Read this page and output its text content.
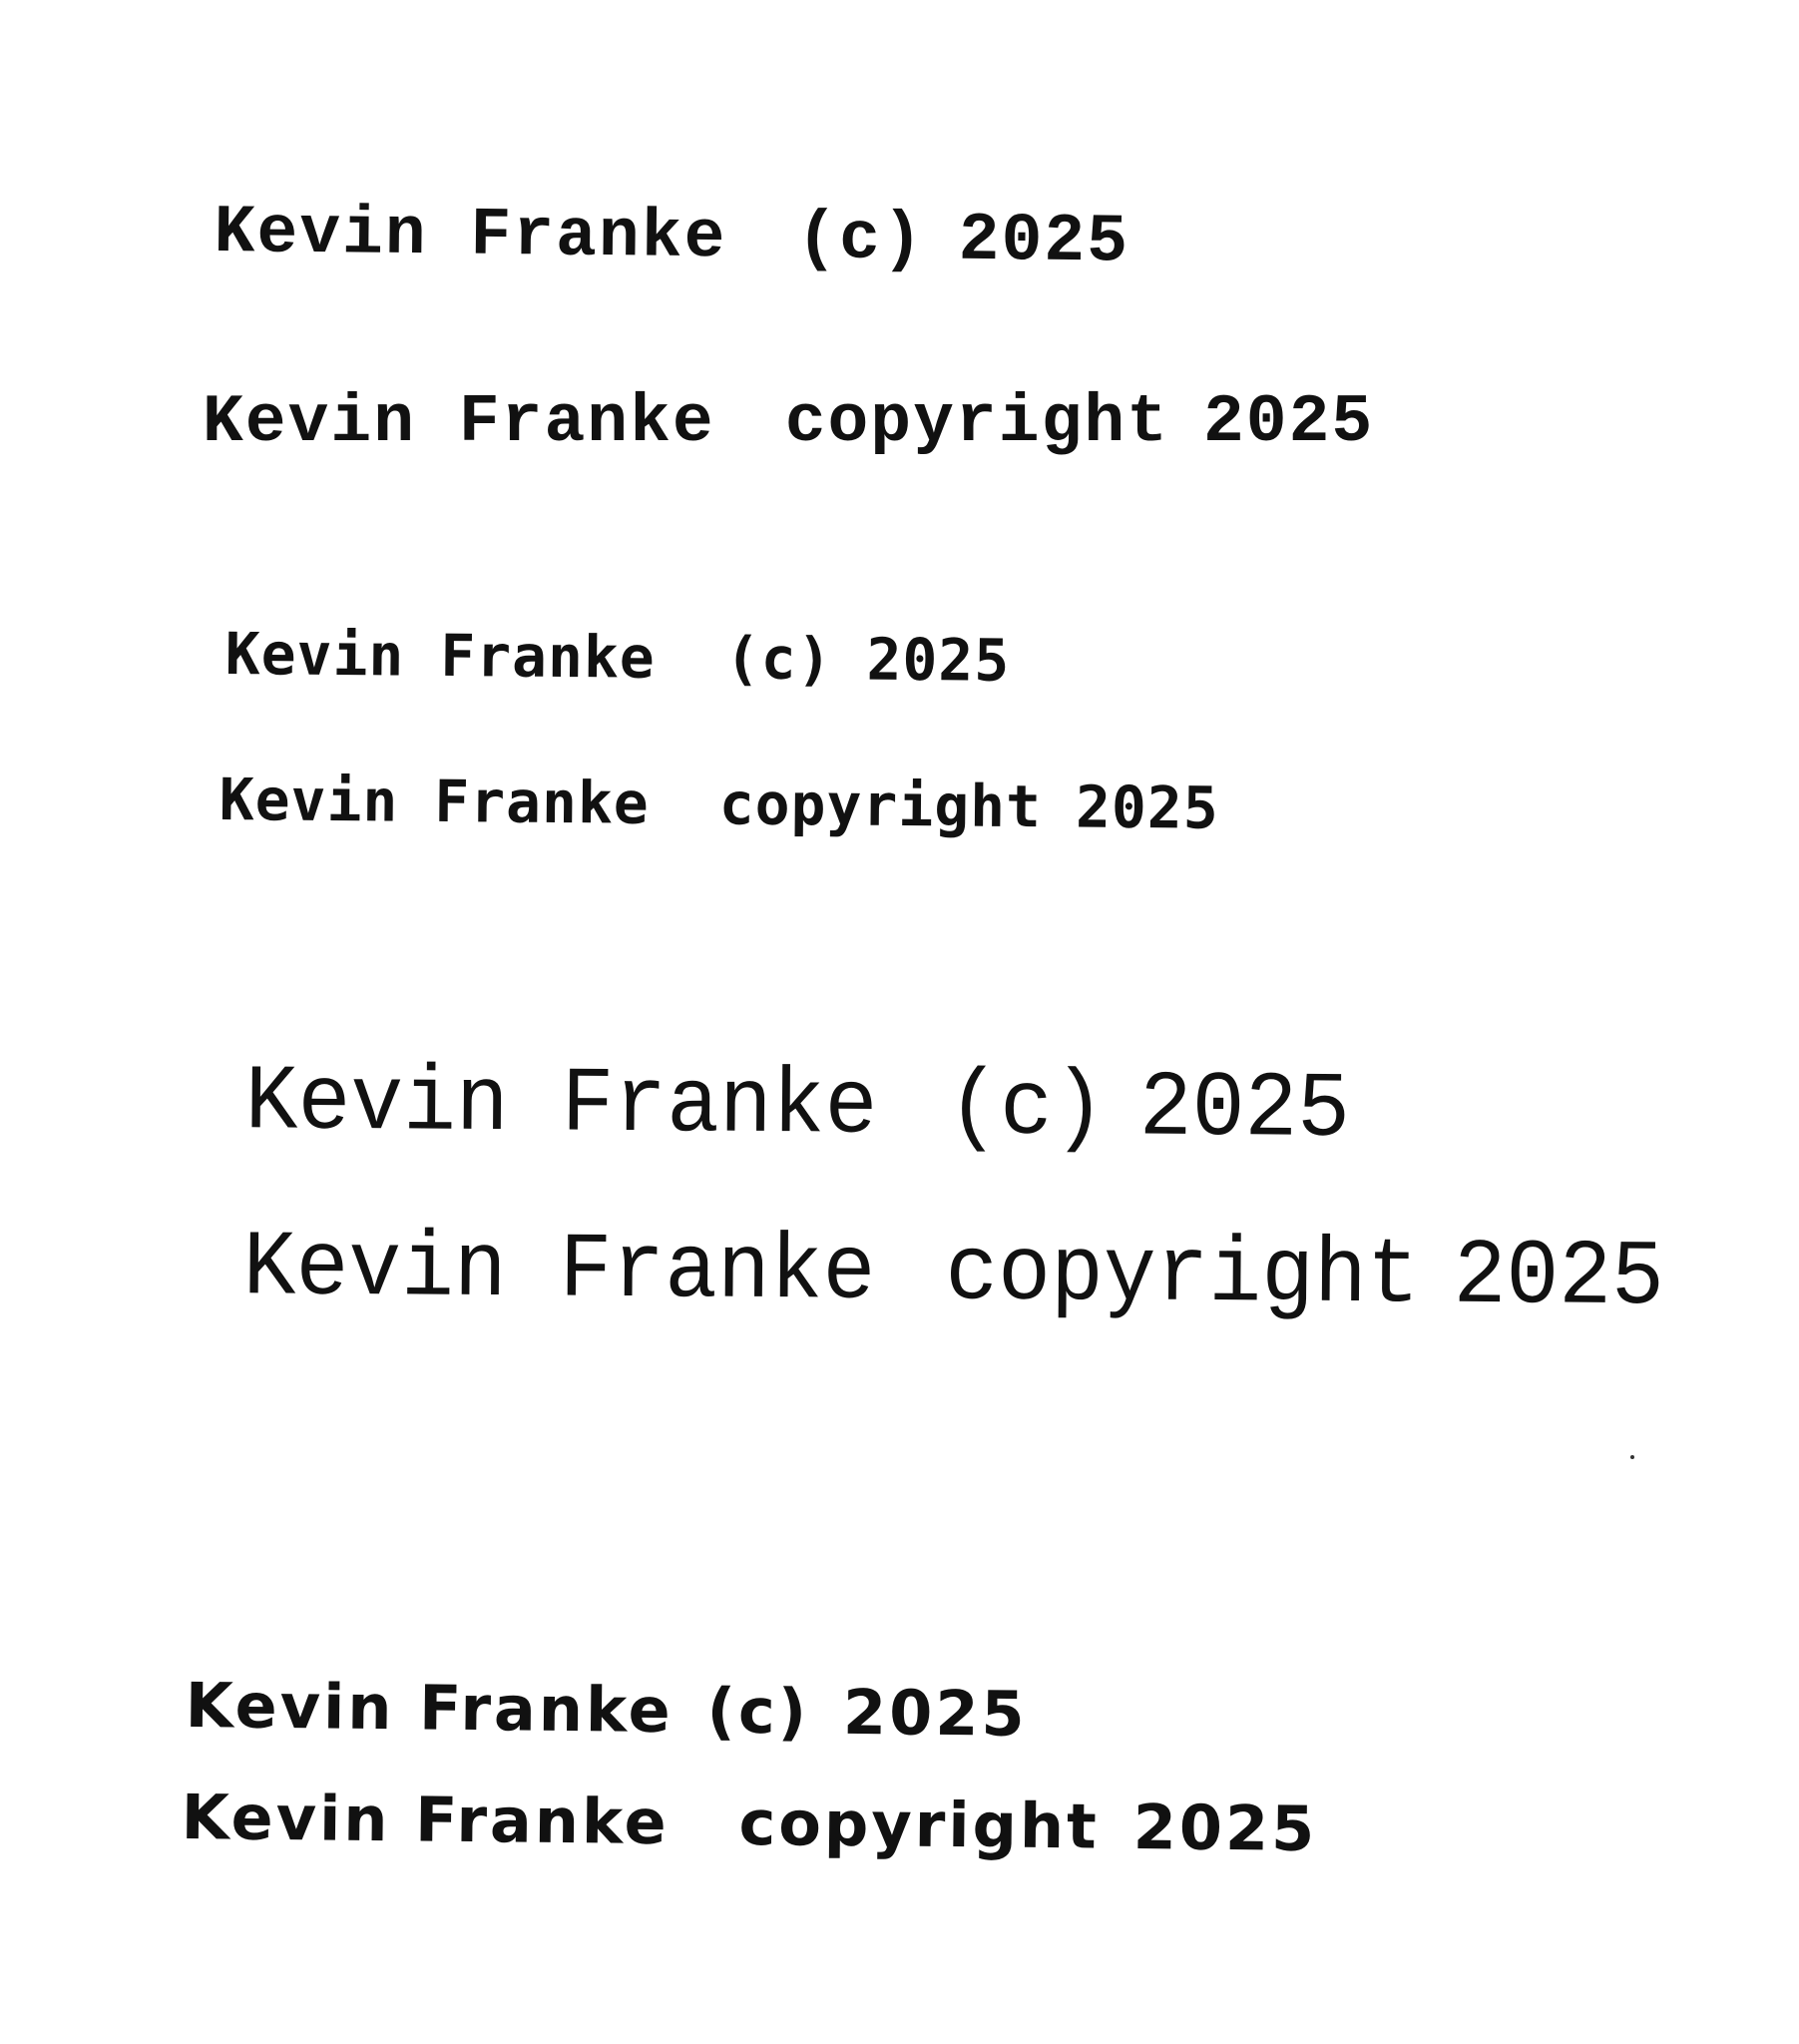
Kevin Franke (c) 2025

Kevin Franke copyright 2025

Kevin Franke (c) 2025

Kevin Franke copyright 2025

Kevin Franke (c) 2025

Kevin Franke copyright 2025

Kevin Franke (c) 2025

Kevin Franke copyright 2025
